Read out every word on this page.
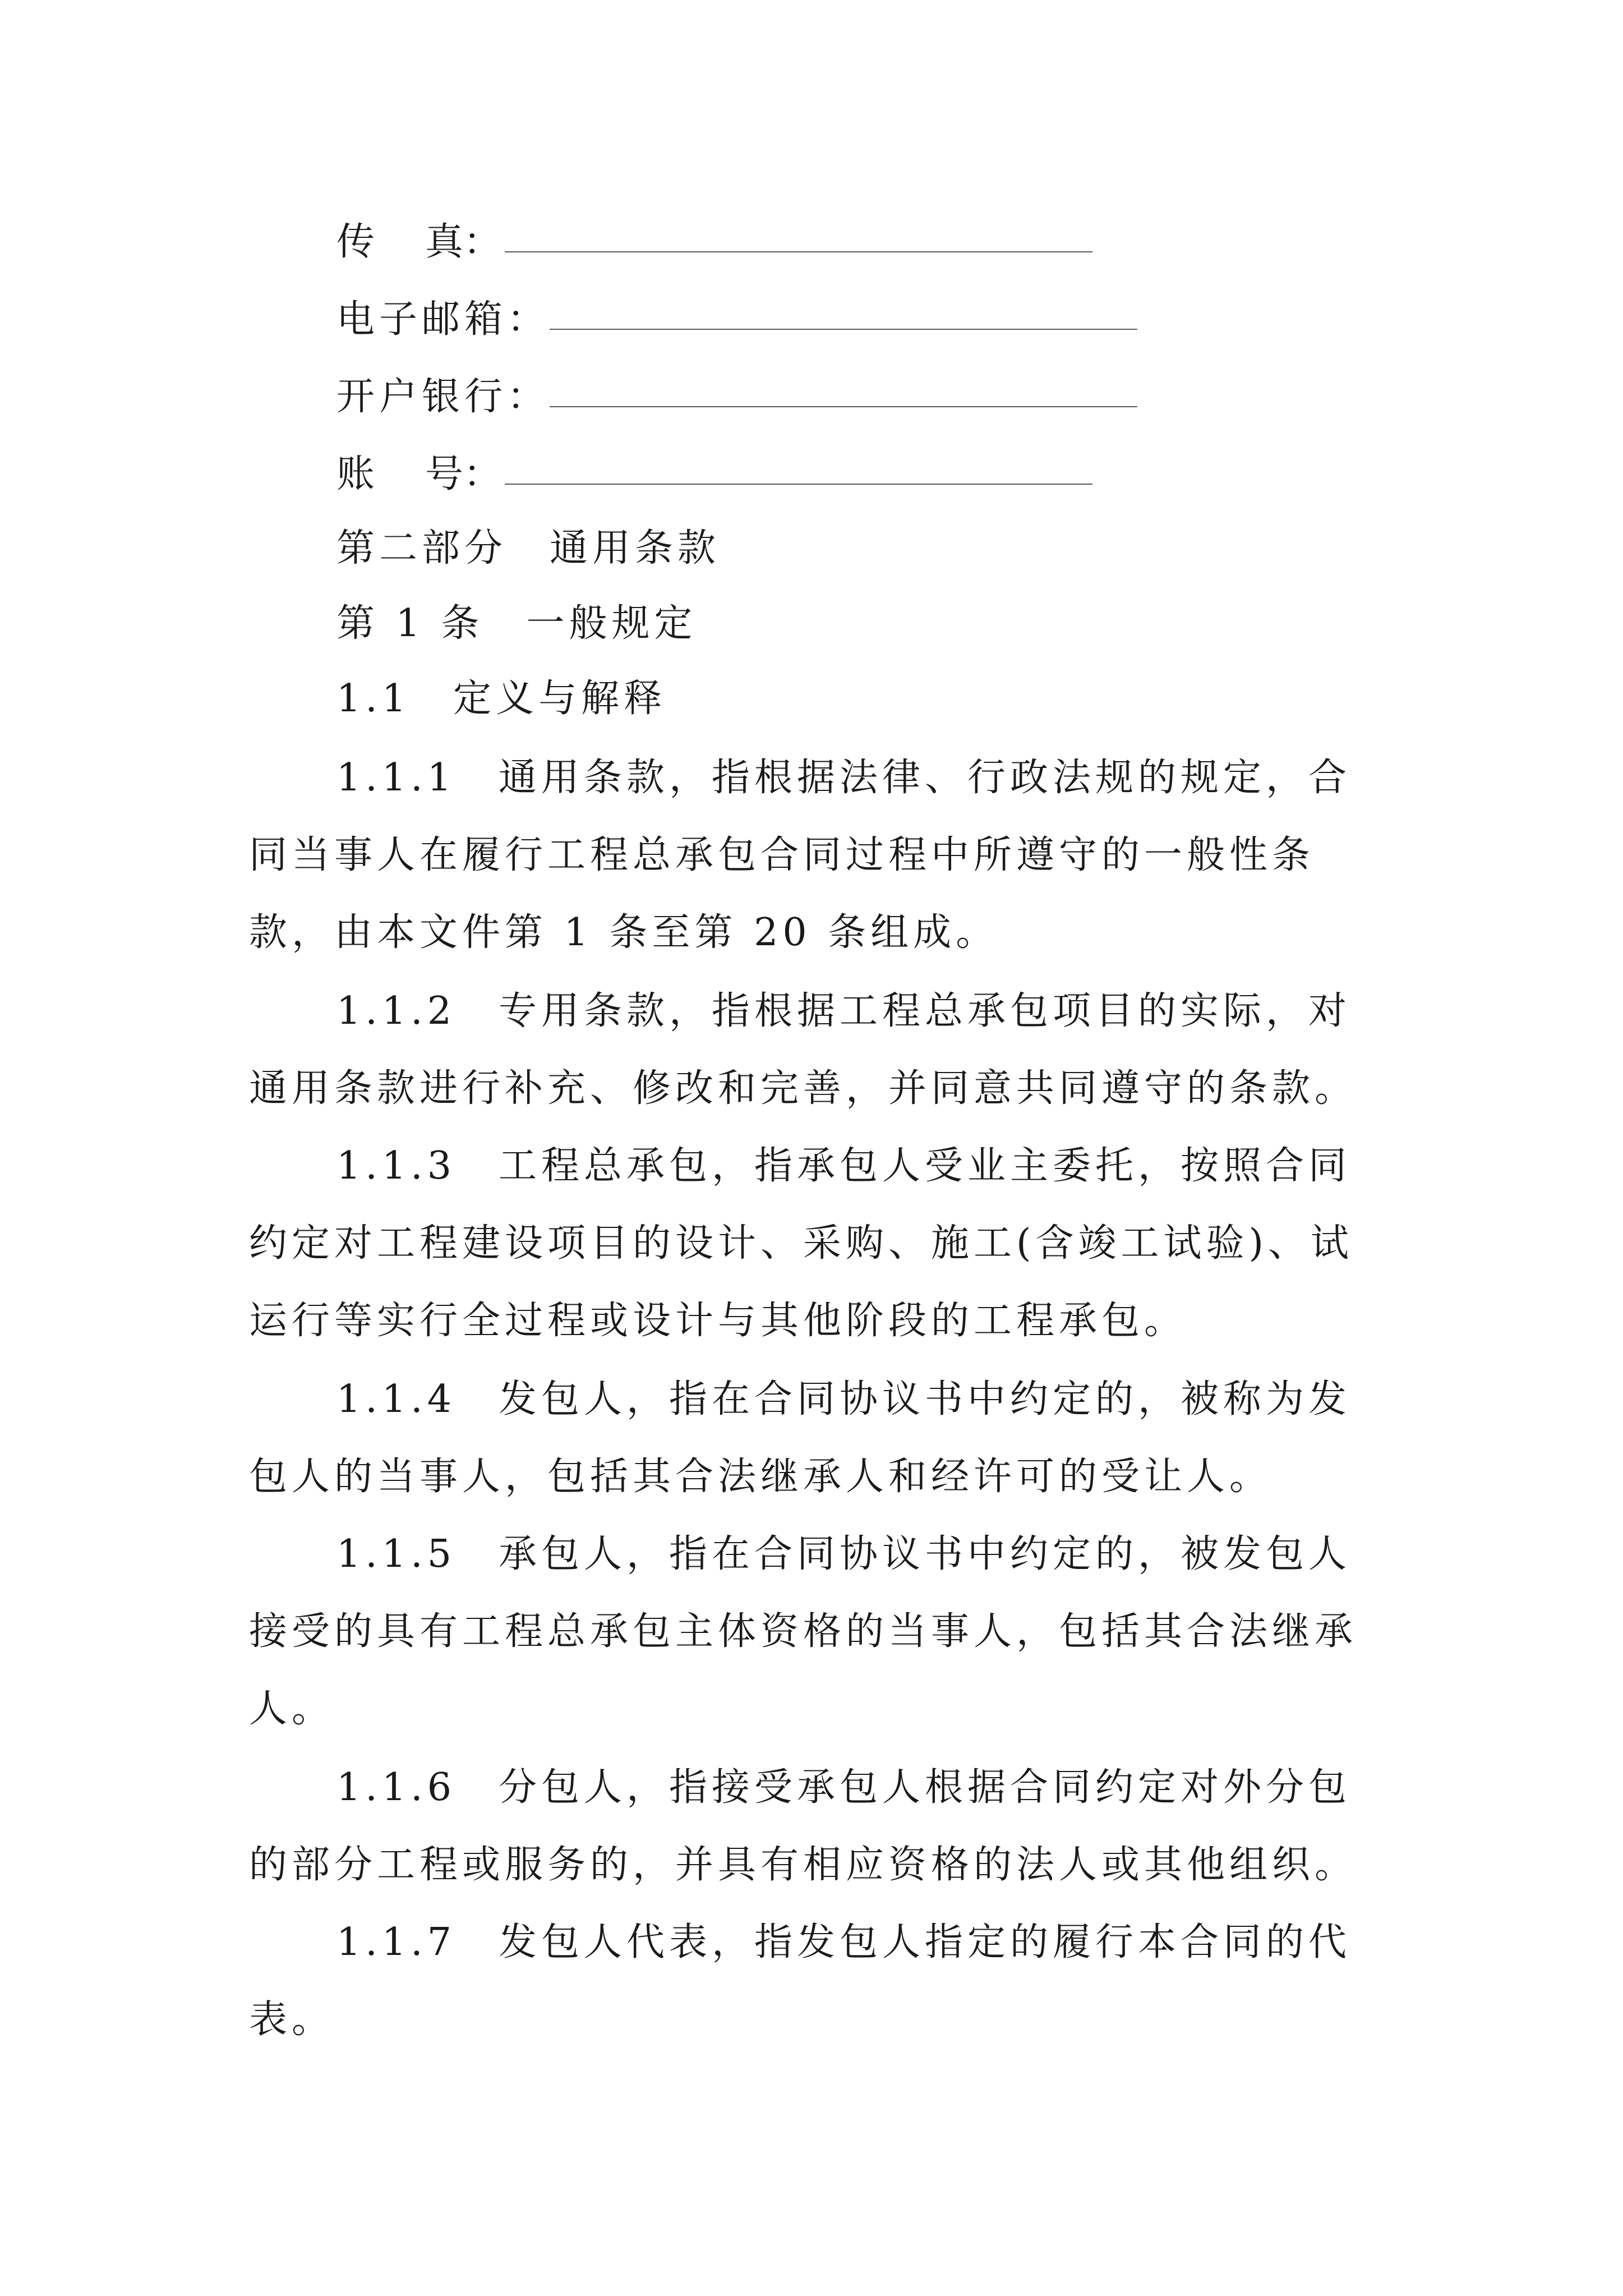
传 真：
电子邮箱：
开户银行：
账 号：
第二部分　通用条款
第 1 条　一般规定
1.1　定义与解释
1.1.1　通用条款，指根据法律、行政法规的规定，合
同当事人在履行工程总承包合同过程中所遵守的一般性条
款，由本文件第 1 条至第 20 条组成。
1.1.2　专用条款，指根据工程总承包项目的实际，对
通用条款进行补充、修改和完善，并同意共同遵守的条款。
1.1.3　工程总承包，指承包人受业主委托，按照合同
约定对工程建设项目的设计、采购、施工(含竣工试验)、试
运行等实行全过程或设计与其他阶段的工程承包。
1.1.4　发包人，指在合同协议书中约定的，被称为发
包人的当事人，包括其合法继承人和经许可的受让人。
1.1.5　承包人，指在合同协议书中约定的，被发包人
接受的具有工程总承包主体资格的当事人，包括其合法继承
人。
1.1.6　分包人，指接受承包人根据合同约定对外分包
的部分工程或服务的，并具有相应资格的法人或其他组织。
1.1.7　发包人代表，指发包人指定的履行本合同的代
表。
